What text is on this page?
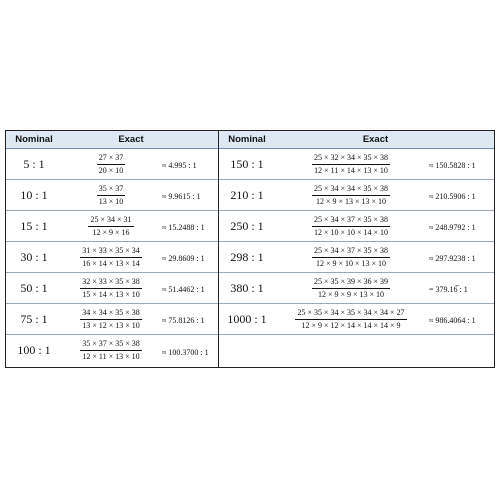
Nominal	Exact
5 : 1	$\frac{27 \times 37}{20 \times 10}$	≈ 4.995 : 1
10 : 1	$\frac{35 \times 37}{13 \times 10}$	≈ 9.9615 : 1
15 : 1	$\frac{25 \times 34 \times 31}{12 \times 9 \times 16}$	≈ 15.2488 : 1
30 : 1	$\frac{31 \times 33 \times 35 \times 34}{16 \times 14 \times 13 \times 14}$	≈ 29.8609 : 1
50 : 1	$\frac{32 \times 33 \times 35 \times 38}{15 \times 14 \times 13 \times 10}$	≈ 51.4462 : 1
75 : 1	$\frac{34 \times 34 \times 35 \times 38}{13 \times 12 \times 13 \times 10}$	≈ 75.8126 : 1
100 : 1	$\frac{35 \times 37 \times 35 \times 38}{12 \times 11 \times 13 \times 10}$	≈ 100.3700 : 1
Nominal	Exact
150 : 1	$\frac{25 \times 32 \times 34 \times 35 \times 38}{12 \times 11 \times 14 \times 13 \times 10}$	≈ 150.5828 : 1
210 : 1	$\frac{25 \times 34 \times 34 \times 35 \times 38}{12 \times 9 \times 13 \times 13 \times 10}$	≈ 210.5906 : 1
250 : 1	$\frac{25 \times 34 \times 37 \times 35 \times 38}{12 \times 10 \times 10 \times 14 \times 10}$	≈ 248.9792 : 1
298 : 1	$\frac{25 \times 34 \times 37 \times 35 \times 38}{12 \times 9 \times 10 \times 13 \times 10}$	≈ 297.9238 : 1
380 : 1	$\frac{25 \times 35 \times 39 \times 36 \times 39}{12 \times 9 \times 9 \times 13 \times 10}$	= 379.16̅ : 1
1000 : 1	$\frac{25 \times 35 \times 34 \times 35 \times 34 \times 34 \times 27}{12 \times 9 \times 12 \times 14 \times 14 \times 14 \times 9}$	≈ 986.4064 : 1
